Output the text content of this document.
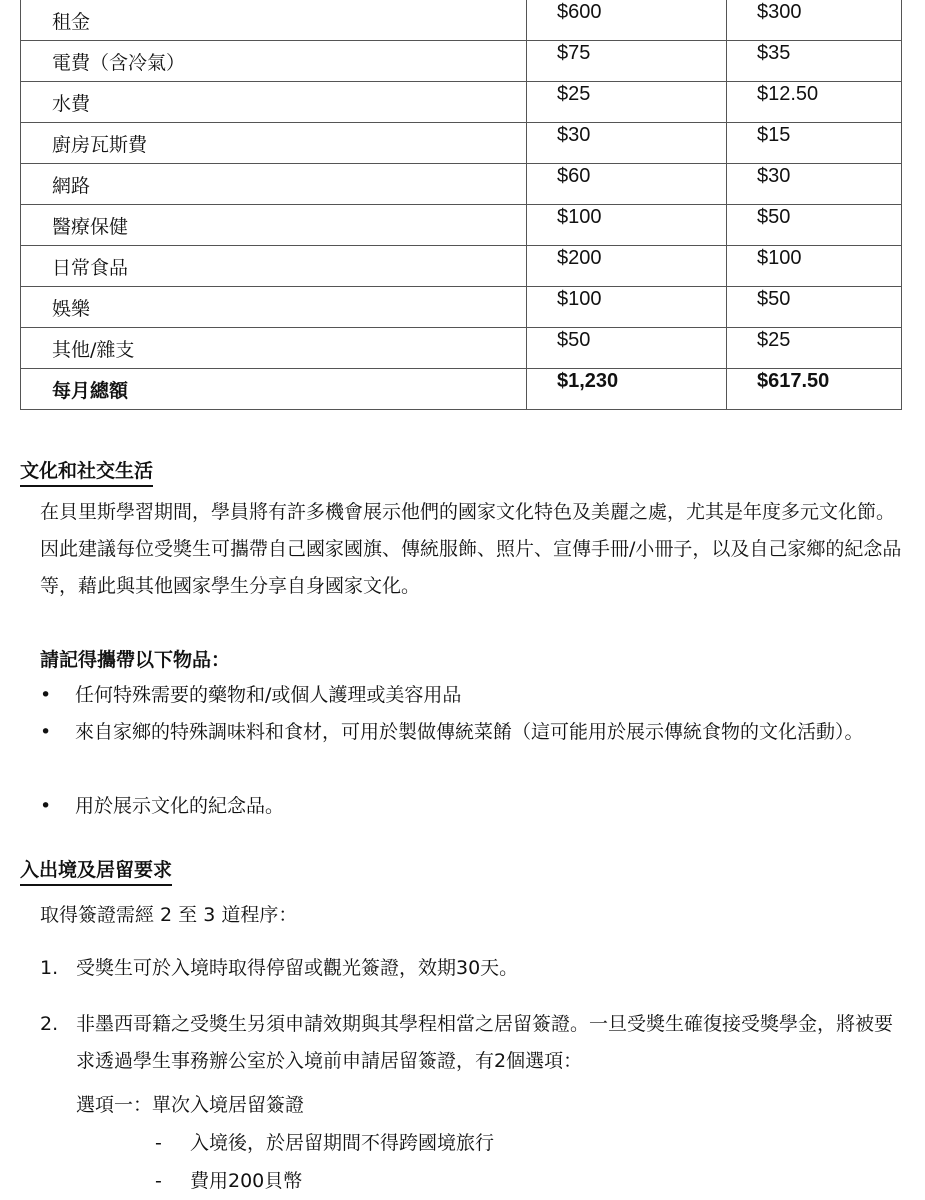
租金	$600	$300
電費（含冷氣）	$75	$35
水費	$25	$12.50
廚房瓦斯費	$30	$15
網路	$60	$30
醫療保健	$100	$50
日常食品	$200	$100
娛樂	$100	$50
其他/雜支	$50	$25
每月總額	$1,230	$617.50
文化和社交生活
在貝里斯學習期間，學員將有許多機會展示他們的國家文化特色及美麗之處，尤其是年度多元文化節。因此建議每位受獎生可攜帶自己國家國旗、傳統服飾、照片、宣傳手冊/小冊子，以及自己家鄉的紀念品等，藉此與其他國家學生分享自身國家文化。
請記得攜帶以下物品：
• 任何特殊需要的藥物和/或個人護理或美容用品
• 來自家鄉的特殊調味料和食材，可用於製做傳統菜餚（這可能用於展示傳統食物的文化活動）。
• 用於展示文化的紀念品。
入出境及居留要求
取得簽證需經 2 至 3 道程序：
1. 受獎生可於入境時取得停留或觀光簽證，效期30天。
2. 非墨西哥籍之受獎生另須申請效期與其學程相當之居留簽證。一旦受獎生確復接受獎學金，將被要求透過學生事務辦公室於入境前申請居留簽證，有2個選項：
選項一：單次入境居留簽證
- 入境後，於居留期間不得跨國境旅行
- 費用200貝幣
